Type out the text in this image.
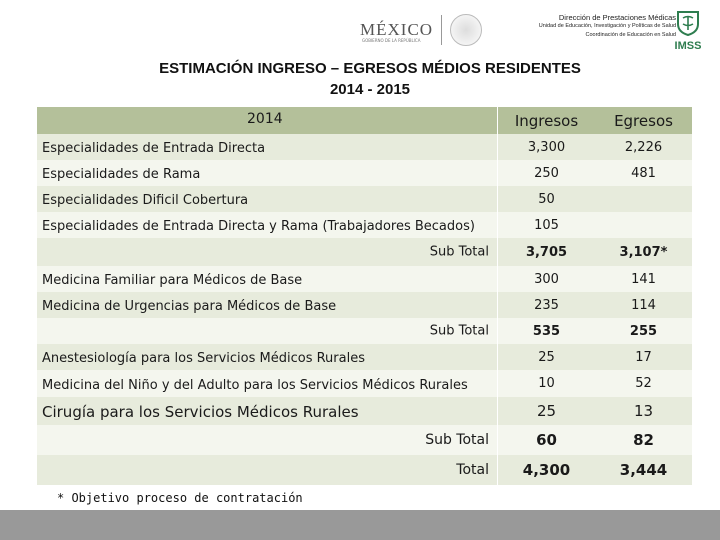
MÉXICO
GOBIERNO DE LA REPÚBLICA
Dirección de Prestaciones Médicas
Unidad de Educación, Investigación y Políticas de Salud
Coordinación de Educación en Salud
IMSS
ESTIMACIÓN INGRESO – EGRESOS MÉDIOS RESIDENTES
2014 - 2015
2014	Ingresos Egresos
Especialidades de Entrada Directa	3,300	2,226
Especialidades de Rama	250	481
Especialidades Dificil Cobertura	50
Especialidades de Entrada Directa y Rama (Trabajadores Becados)	105
Sub Total	3,705	3,107*
Medicina Familiar para Médicos de Base	300	141
Medicina de Urgencias para Médicos de Base	235	114
Sub Total	535	255
Anestesiología para los Servicios Médicos Rurales	25	17
Medicina del Niño y del Adulto para los Servicios Médicos Rurales	10	52
Cirugía para los Servicios Médicos Rurales	25	13
Sub Total	60	82
Total 4,300	3,444
* Objetivo proceso de contratación
